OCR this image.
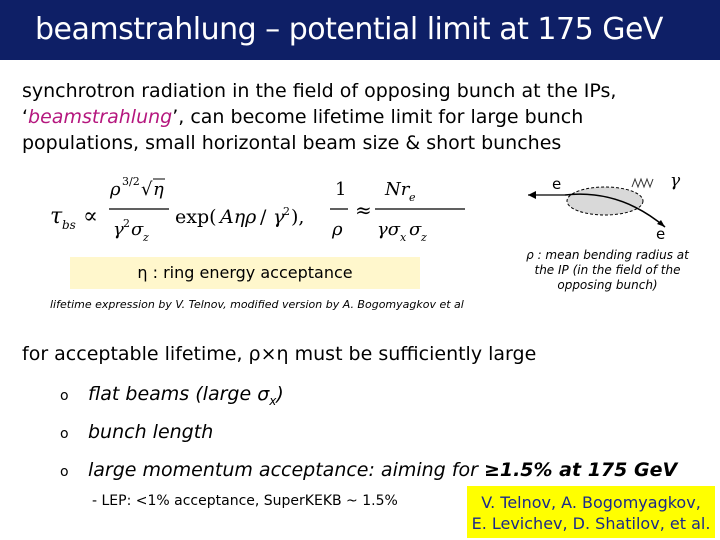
beamstrahlung – potential limit at 175 GeV
synchrotron radiation in the field of opposing bunch at the IPs,
‘beamstrahlung’, can become lifetime limit for large bunch
populations, small horizontal beam size & short bunches
τ bs ∝
ρ 3/2 √ η
γ 2 σ z
exp( Aηρ / γ
2 ),
1
ρ
≈
Nr e
γσ x σ z
e	γ
e
η : ring energy acceptance
ρ : mean bending radius at the IP (in the field of the opposing bunch)
lifetime expression by V. Telnov, modified version by A. Bogomyagkov et al
for acceptable lifetime, ρ×η must be sufficiently large
o flat beams (large $\sigma_x$)
o bunch length
o large momentum acceptance: aiming for ≥1.5% at 175 GeV
- LEP: <1% acceptance, SuperKEKB ~ 1.5%	V. Telnov, A. Bogomyagkov,
E. Levichev, D. Shatilov, et al.
